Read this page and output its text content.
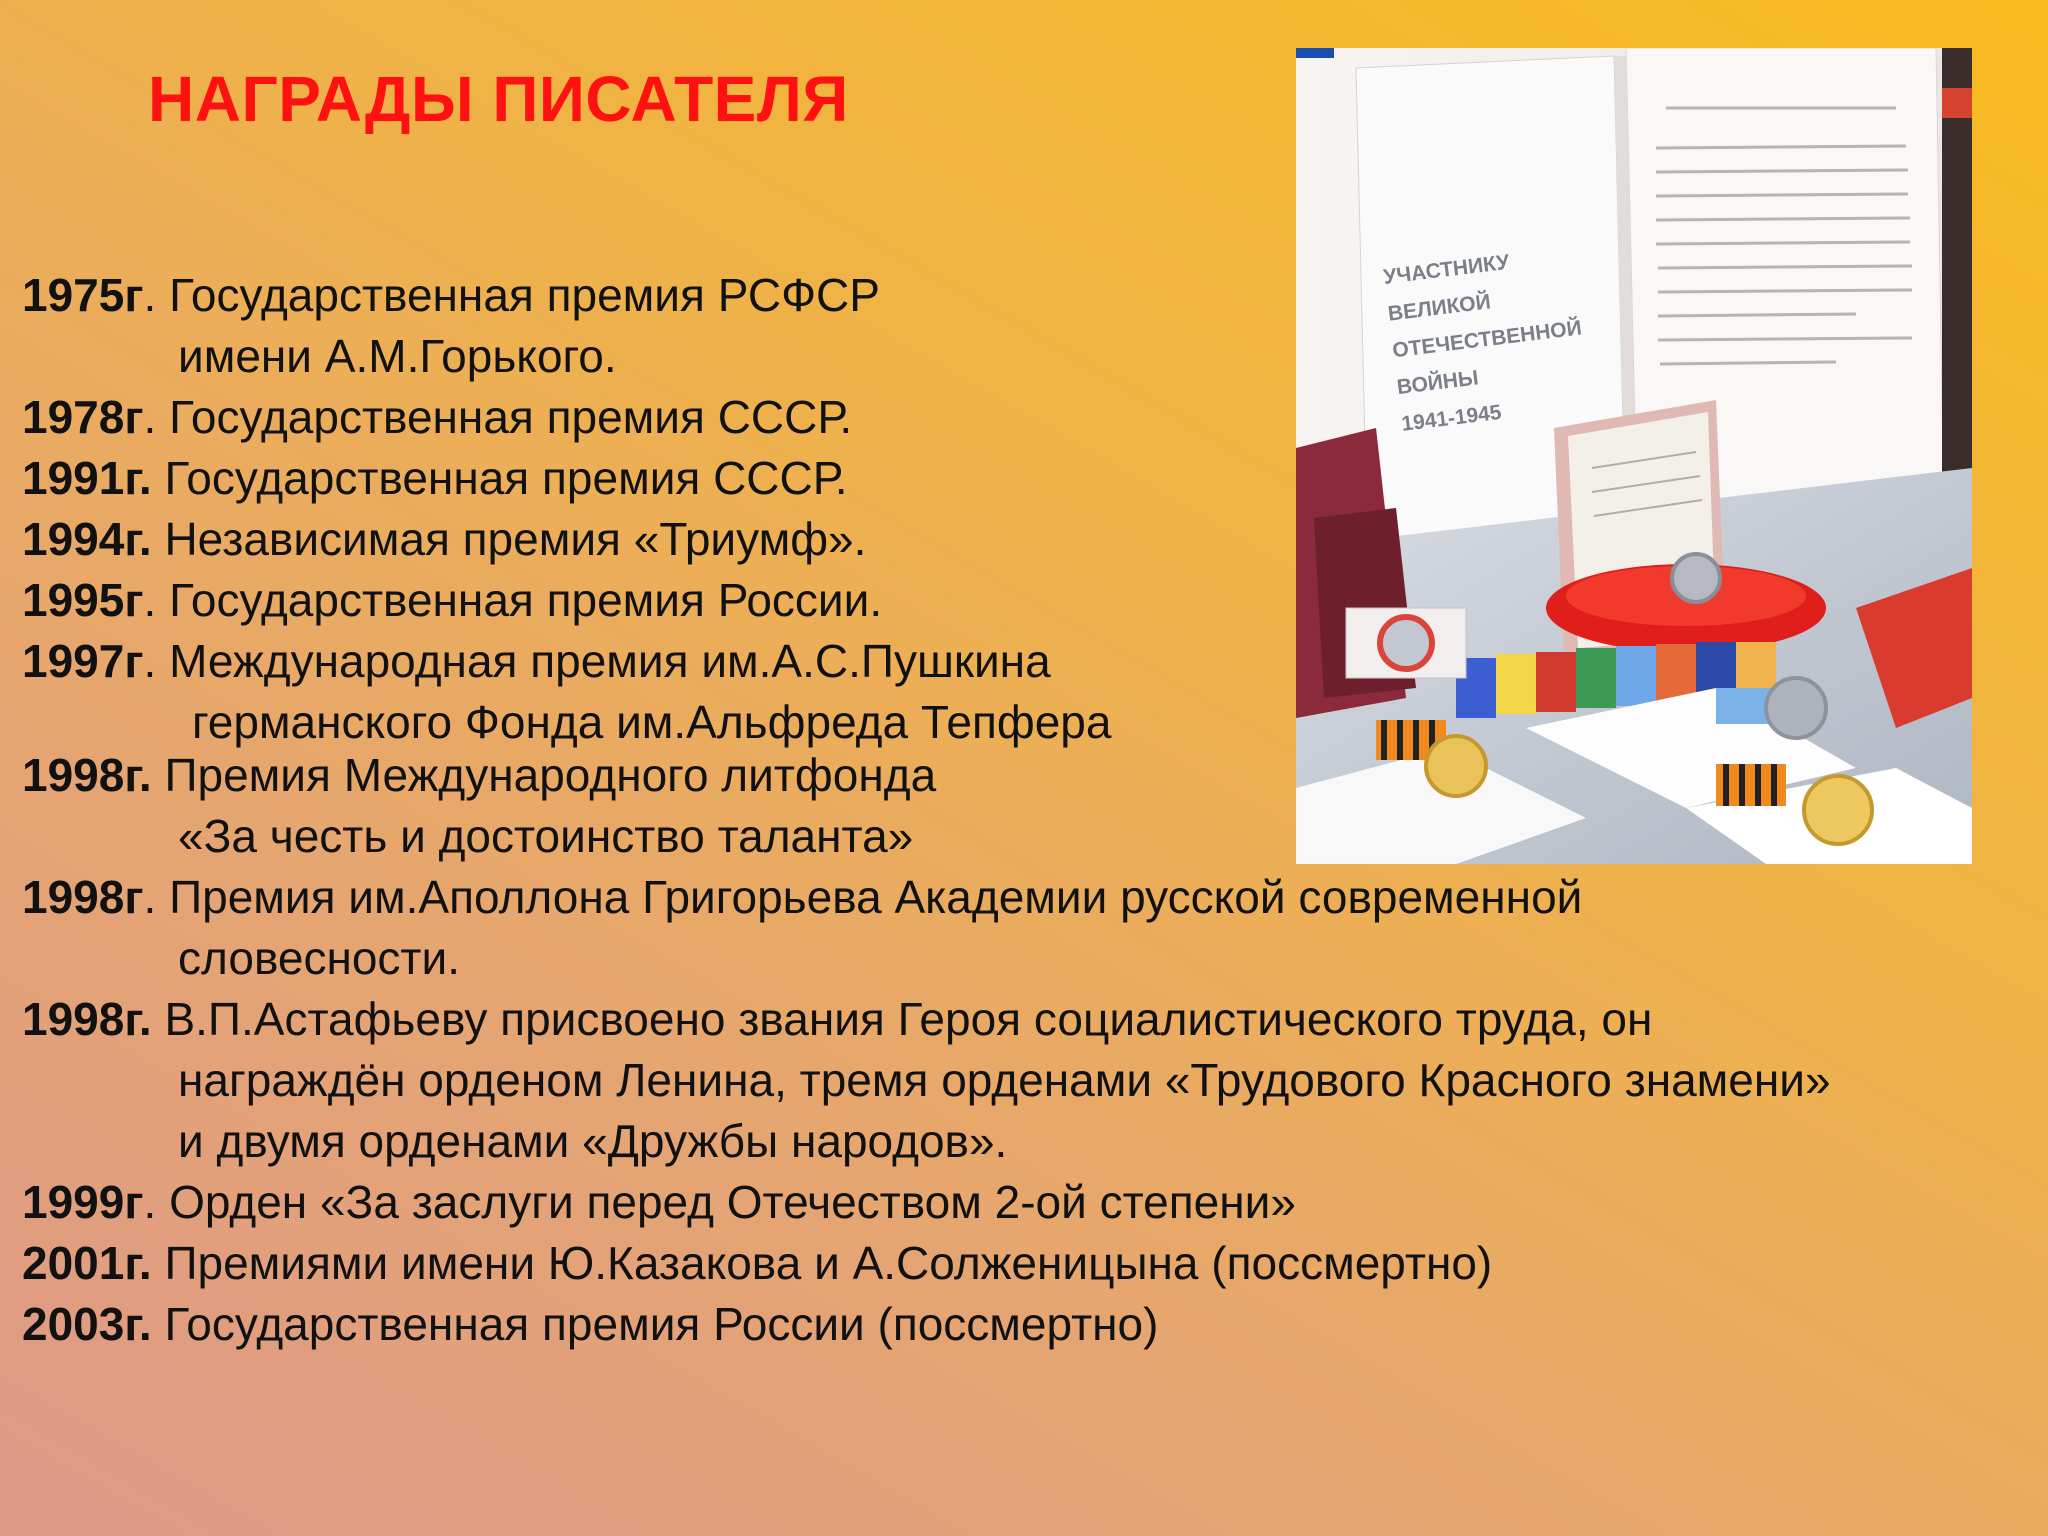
НАГРАДЫ ПИСАТЕЛЯ
УЧАСТНИКУ
ВЕЛИКОЙ
ОТЕЧЕСТВЕННОЙ
ВОЙНЫ
1941-1945
1975г. Государственная премия РСФСР
имени А.М.Горького.
1978г. Государственная премия СССР.
1991г. Государственная премия СССР.
1994г. Независимая премия «Триумф».
1995г. Государственная премия России.
1997г. Международная премия им.А.С.Пушкина
германского Фонда им.Альфреда Тепфера
1998г. Премия Международного литфонда
«За честь и достоинство таланта»
1998г. Премия им.Аполлона Григорьева Академии русской современной
словесности.
1998г. В.П.Астафьеву присвоено звания Героя социалистического труда, он
награждён орденом Ленина, тремя орденами «Трудового Красного знамени»
и двумя орденами «Дружбы народов».
1999г. Орден «За заслуги перед Отечеством 2-ой степени»
2001г. Премиями имени Ю.Казакова и А.Солженицына (поссмертно)
2003г. Государственная премия России (поссмертно)
